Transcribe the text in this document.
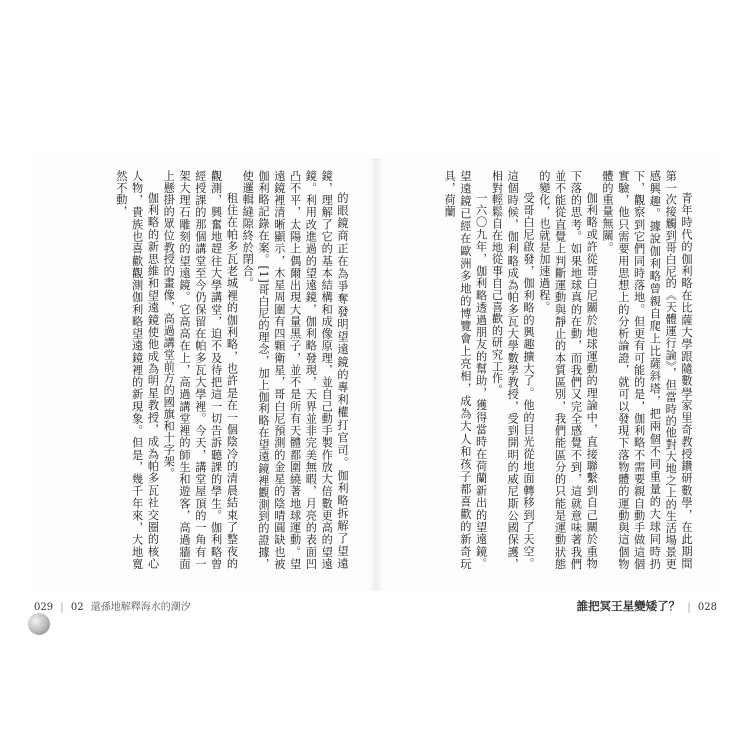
的眼鏡商正在為爭奪發明望遠鏡的專利權打官司。伽利略拆解了望遠鏡，理解了它的基本結構和成像原理，並自己動手製作放大倍數更高的望遠鏡。利用改進過的望遠鏡，伽利略發現，天界並非完美無暇，月亮的表面凹凸不平，太陽上偶爾出現大量黑子，並不是所有天體都圍繞著地球運動。望遠鏡裡清晰顯示，木星周圍有四顆衛星，哥白尼預測的金星的陰晴圓缺也被伽利略記錄在案。[1]哥白尼的理念，加上伽利略在望遠鏡裡觀測到的證據，使邏輯縫隙終於閉合。

租住在帕多瓦老城裡的伽利略，也許是在一個陰冷的清晨結束了整夜的觀測，興奮地趕往大學講堂，迫不及待把這一切告訴聽課的學生。伽利略曾經授課的那個講堂至今仍保留在帕多瓦大學裡。今天，講堂屋頂的一角有一架大理石雕刻的望遠鏡。它高高在上，高過講堂裡的師生和遊客，高過牆面上懸掛的眾位教授的畫像，高過講堂前方的國旗和十字架。

伽利略的新思維和望遠鏡使他成為明星教授，成為帕多瓦社交圈的核心人物，貴族也喜歡觀測伽利略望遠鏡裡的新現象。但是，幾千年來，大地寬然不動，	青年時代的伽利略在比薩大學跟隨數學家里奇教授鑽研數學，在此期間第一次接觸到哥白尼的《天體運行論》，但當時的他對大地之上的生活場景更感興趣。據說伽利略曾親自爬上比薩斜塔，把兩個不同重量的大球同時扔下，觀察到它們同時落地。但更有可能的是，伽利略不需要親自動手做這個實驗，他只需要用思想上的分析論證，就可以發現下落物體的運動與這個物體的重量無關。

伽利略或許從哥白尼關於地球運動的理論中，直接聯繫到自己關於重物下落的思考。如果地球真的在動，而我們又完全感覺不到，這就意味著我們並不能從直覺上判斷運動與靜止的本質區別，我們能區分的只能是運動狀態的變化，也就是加速過程。

受哥白尼啟發，伽利略的興趣擴大了。他的目光從地面轉移到了天空。這個時候，伽利略成為帕多瓦大學數學教授，受到開明的威尼斯公國保護，相對輕鬆自在地從事自己喜歡的研究工作。

一六〇九年，伽利略透過朋友的幫助，獲得當時在荷蘭新出的望遠鏡。望遠鏡已經在歐洲多地的博覽會上亮相，成為大人和孩子都喜歡的新奇玩具，荷蘭

029 | 02 還孫地解釋海水的潮汐	誰把冥王星變矮了？ | 028
